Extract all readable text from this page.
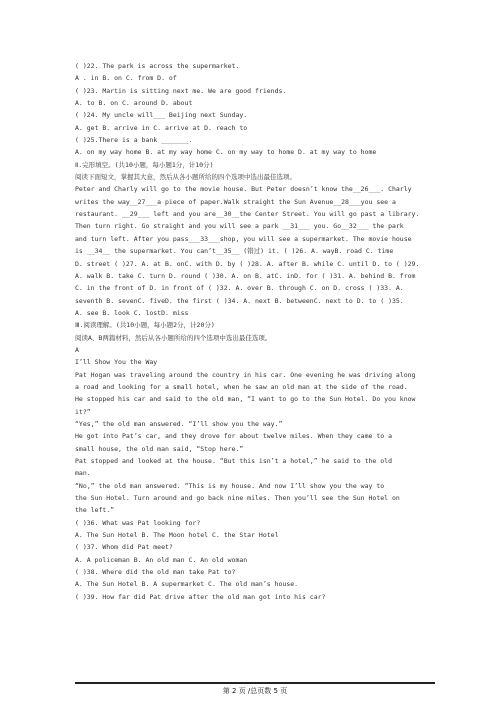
( )22. The park is across the supermarket.
A . in B. on C. from D. of
( )23. Martin is sitting next me. We are good friends.
A. to B. on C. around D. about
( )24. My uncle will___ Beijing next Sunday.
A. get B. arrive in C. arrive at D. reach to
( )25.There is a bank _______.
A. on my way home B. at my way home C. on my way to home D. at my way to home
Ⅱ.完形填空。(共10小题，每小题1分，计10分)
阅读下面短文，掌握其大意，然后从各小题所给的四个选项中选出最佳选项。
Peter and Charly will go to the movie house. But Peter doesn’t know the__26___. Charly
writes the way__27___a piece of paper.Walk straight the Sun Avenue__28___you see a
restaurant. __29___ left and you are__30__the Center Street. You will go past a library.
Then turn right. Go straight and you will see a park __31___ you. Go__32___ the park
and turn left. After you pass___33___shop, you will see a supermarket. The movie house
is __34__ the supermarket. You can’t__35__ (错过) it. ( )26. A. wayB. road C. time
D. street ( )27. A. at B. onC. with D. by ( )28. A. after B. while C. until D. to ( )29.
A. walk B. take C. turn D. round ( )30. A. on B. atC. inD. for ( )31. A. behind B. from
C. in the front of D. in front of ( )32. A. over B. through C. on D. cross ( )33. A.
seventh B. sevenC. fiveD. the first ( )34. A. next B. betweenC. next to D. to ( )35.
A. see B. look C. lostD. miss
Ⅲ.阅读理解。(共10小题，每小题2分，计20分)
阅读A、B两篇材料，然后从各小题所给的四个选项中选出最佳选项。
A
I’ll Show You the Way
Pat Hogan was traveling around the country in his car. One evening he was driving along
a road and looking for a small hotel, when he saw an old man at the side of the road.
He stopped his car and said to the old man, “I want to go to the Sun Hotel. Do you know
it?”
“Yes,” the old man answered. “I’ll show you the way.”
He got into Pat’s car, and they drove for about twelve miles. When they came to a
small house, the old man said, “Stop here.”
Pat stopped and looked at the house. “But this isn’t a hotel,” he said to the old
man.
“No,” the old man answered. “This is my house. And now I’ll show you the way to
the Sun Hotel. Turn around and go back nine miles. Then you’ll see the Sun Hotel on
the left.”
( )36. What was Pat looking for?
A. The Sun Hotel B. The Moon hotel C. the Star Hotel
( )37. Whom did Pat meet?
A. A policeman B. An old man C. An old woman
( )38. Where did the old man take Pat to?
A. The Sun Hotel B. A supermarket C. The old man’s house.
( )39. How far did Pat drive after the old man got into his car?
第 2 页 /总页数 5 页
